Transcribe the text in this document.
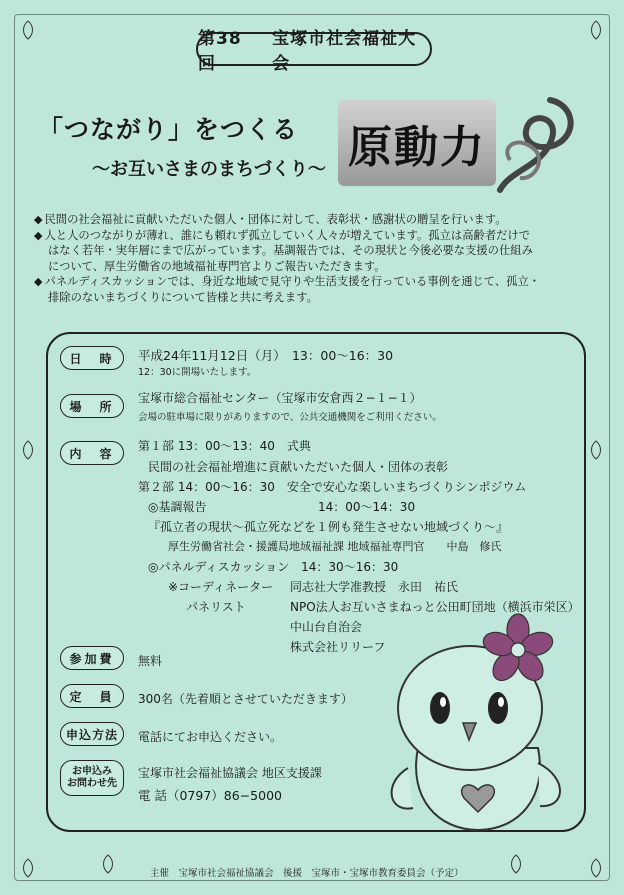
第38回
宝塚市社会福祉大会
「つながり」をつくる 原動力
～お互いさまのまちづくり～

◆ 民間の社会福祉に貢献いただいた個人・団体に対して、表彰状・感謝状の贈呈を行います。

◆ 人と人のつながりが薄れ、誰にも頼れず孤立していく人々が増えています。孤立は高齢者だけで
はなく若年・実年層にまで広がっています。基調報告では、その現状と今後必要な支援の仕組み
について、厚生労働省の地域福祉専門官よりご報告いただきます。

◆ パネルディスカッションでは、身近な地域で見守りや生活支援を行っている事例を通じて、孤立・
排除のないまちづくりについて皆様と共に考えます。

日　時	平成24年11月12日（月）　13：00～16：30
12：30に開場いたします。
場　所
宝塚市総合福祉センター（宝塚市安倉西２−１−１）
会場の駐車場に限りがありますので、公共交通機関をご利用ください。
内　容
第１部 13：00～13：40　式典
民間の社会福祉増進に貢献いただいた個人・団体の表彰
第２部 14：00～16：30　安全で安心な楽しいまちづくりシンポジウム
◎基調報告	14：00～14：30
『孤立者の現状～孤立死などを１例も発生させない地域づくり～』
厚生労働省社会・援護局地域福祉課 地域福祉専門官　　中島　修氏
◎パネルディスカッション　14：30～16：30
※コーディネーター 同志社大学准教授　永田　祐氏
パネリスト	NPO法人お互いさまねっと公田町団地（横浜市栄区）
中山台自治会
株式会社リリーフ
参加費	無料
定　員	300名（先着順とさせていただきます）
申込方法	電話にてお申込ください。
お申込み
お問わせ先
宝塚市社会福祉協議会 地区支援課
電 話（0797）86−5000
主催　宝塚市社会福祉協議会　後援　宝塚市・宝塚市教育委員会（予定）
